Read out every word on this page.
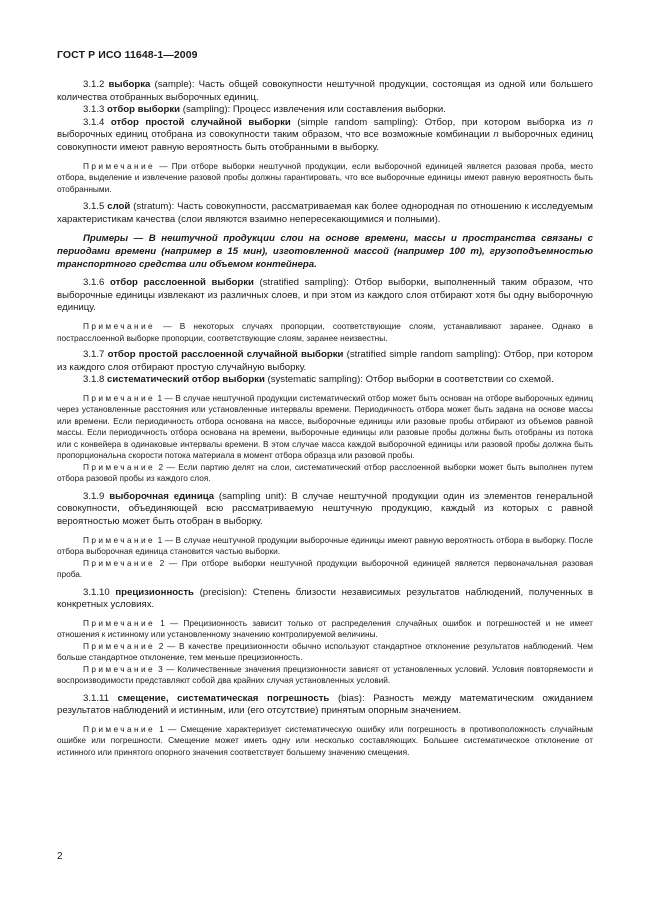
ГОСТ Р ИСО 11648-1—2009

3.1.2 выборка (sample): Часть общей совокупности нештучной продукции, состоящая из одной или большего количества отобранных выборочных единиц.

3.1.3 отбор выборки (sampling): Процесс извлечения или составления выборки.

3.1.4 отбор простой случайной выборки (simple random sampling): Отбор, при котором выборка из n выборочных единиц отобрана из совокупности таким образом, что все возможные комбинации n выборочных единиц совокупности имеют равную вероятность быть отобранными в выборку.

Примечание — При отборе выборки нештучной продукции, если выборочной единицей является разовая проба, место отбора, выделение и извлечение разовой пробы должны гарантировать, что все выборочные единицы имеют равную вероятность быть отобранными.

3.1.5 слой (stratum): Часть совокупности, рассматриваемая как более однородная по отношению к исследуемым характеристикам качества (слои являются взаимно непересекающимися и полными).

Примеры — В нештучной продукции слои на основе времени, массы и пространства связаны с периодами времени (например в 15 мин), изготовленной массой (например 100 т), грузоподъемностью транспортного средства или объемом контейнера.

3.1.6 отбор расслоенной выборки (stratified sampling): Отбор выборки, выполненный таким образом, что выборочные единицы извлекают из различных слоев, и при этом из каждого слоя отбирают хотя бы одну выборочную единицу.

Примечание — В некоторых случаях пропорции, соответствующие слоям, устанавливают заранее. Однако в пострасслоенной выборке пропорции, соответствующие слоям, заранее неизвестны.

3.1.7 отбор простой расслоенной случайной выборки (stratified simple random sampling): Отбор, при котором из каждого слоя отбирают простую случайную выборку.

3.1.8 систематический отбор выборки (systematic sampling): Отбор выборки в соответствии со схемой.

Примечание 1 — В случае нештучной продукции систематический отбор может быть основан на отборе выборочных единиц через установленные расстояния или установленные интервалы времени. Периодичность отбора может быть задана на основе массы или времени. Если периодичность отбора основана на массе, выборочные единицы или разовые пробы отбирают из объемов равной массы. Если периодичность отбора основана на времени, выборочные единицы или разовые пробы должны быть отобраны из потока или с конвейера в одинаковые интервалы времени. В этом случае масса каждой выборочной единицы или разовой пробы должна быть пропорциональна скорости потока материала в момент отбора образца или разовой пробы.

Примечание 2 — Если партию делят на слои, систематический отбор расслоенной выборки может быть выполнен путем отбора разовой пробы из каждого слоя.

3.1.9 выборочная единица (sampling unit): В случае нештучной продукции один из элементов генеральной совокупности, объединяющей всю рассматриваемую нештучную продукцию, каждый из которых с равной вероятностью может быть отобран в выборку.

Примечание 1 — В случае нештучной продукции выборочные единицы имеют равную вероятность отбора в выборку. После отбора выборочная единица становится частью выборки.

Примечание 2 — При отборе выборки нештучной продукции выборочной единицей является первоначальная разовая проба.

3.1.10 прецизионность (precision): Степень близости независимых результатов наблюдений, полученных в конкретных условиях.

Примечание 1 — Прецизионность зависит только от распределения случайных ошибок и погрешностей и не имеет отношения к истинному или установленному значению контролируемой величины.

Примечание 2 — В качестве прецизионности обычно используют стандартное отклонение результатов наблюдений. Чем больше стандартное отклонение, тем меньше прецизионность.

Примечание 3 — Количественные значения прецизионности зависят от установленных условий. Условия повторяемости и воспроизводимости представляют собой два крайних случая установленных условий.

3.1.11 смещение, систематическая погрешность (bias): Разность между математическим ожиданием результатов наблюдений и истинным, или (его отсутствие) принятым опорным значением.

Примечание 1 — Смещение характеризует систематическую ошибку или погрешность в противоположность случайным ошибке или погрешности. Смещение может иметь одну или несколько составляющих. Большее систематическое отклонение от истинного или принятого опорного значения соответствует большему значению смещения.

2
